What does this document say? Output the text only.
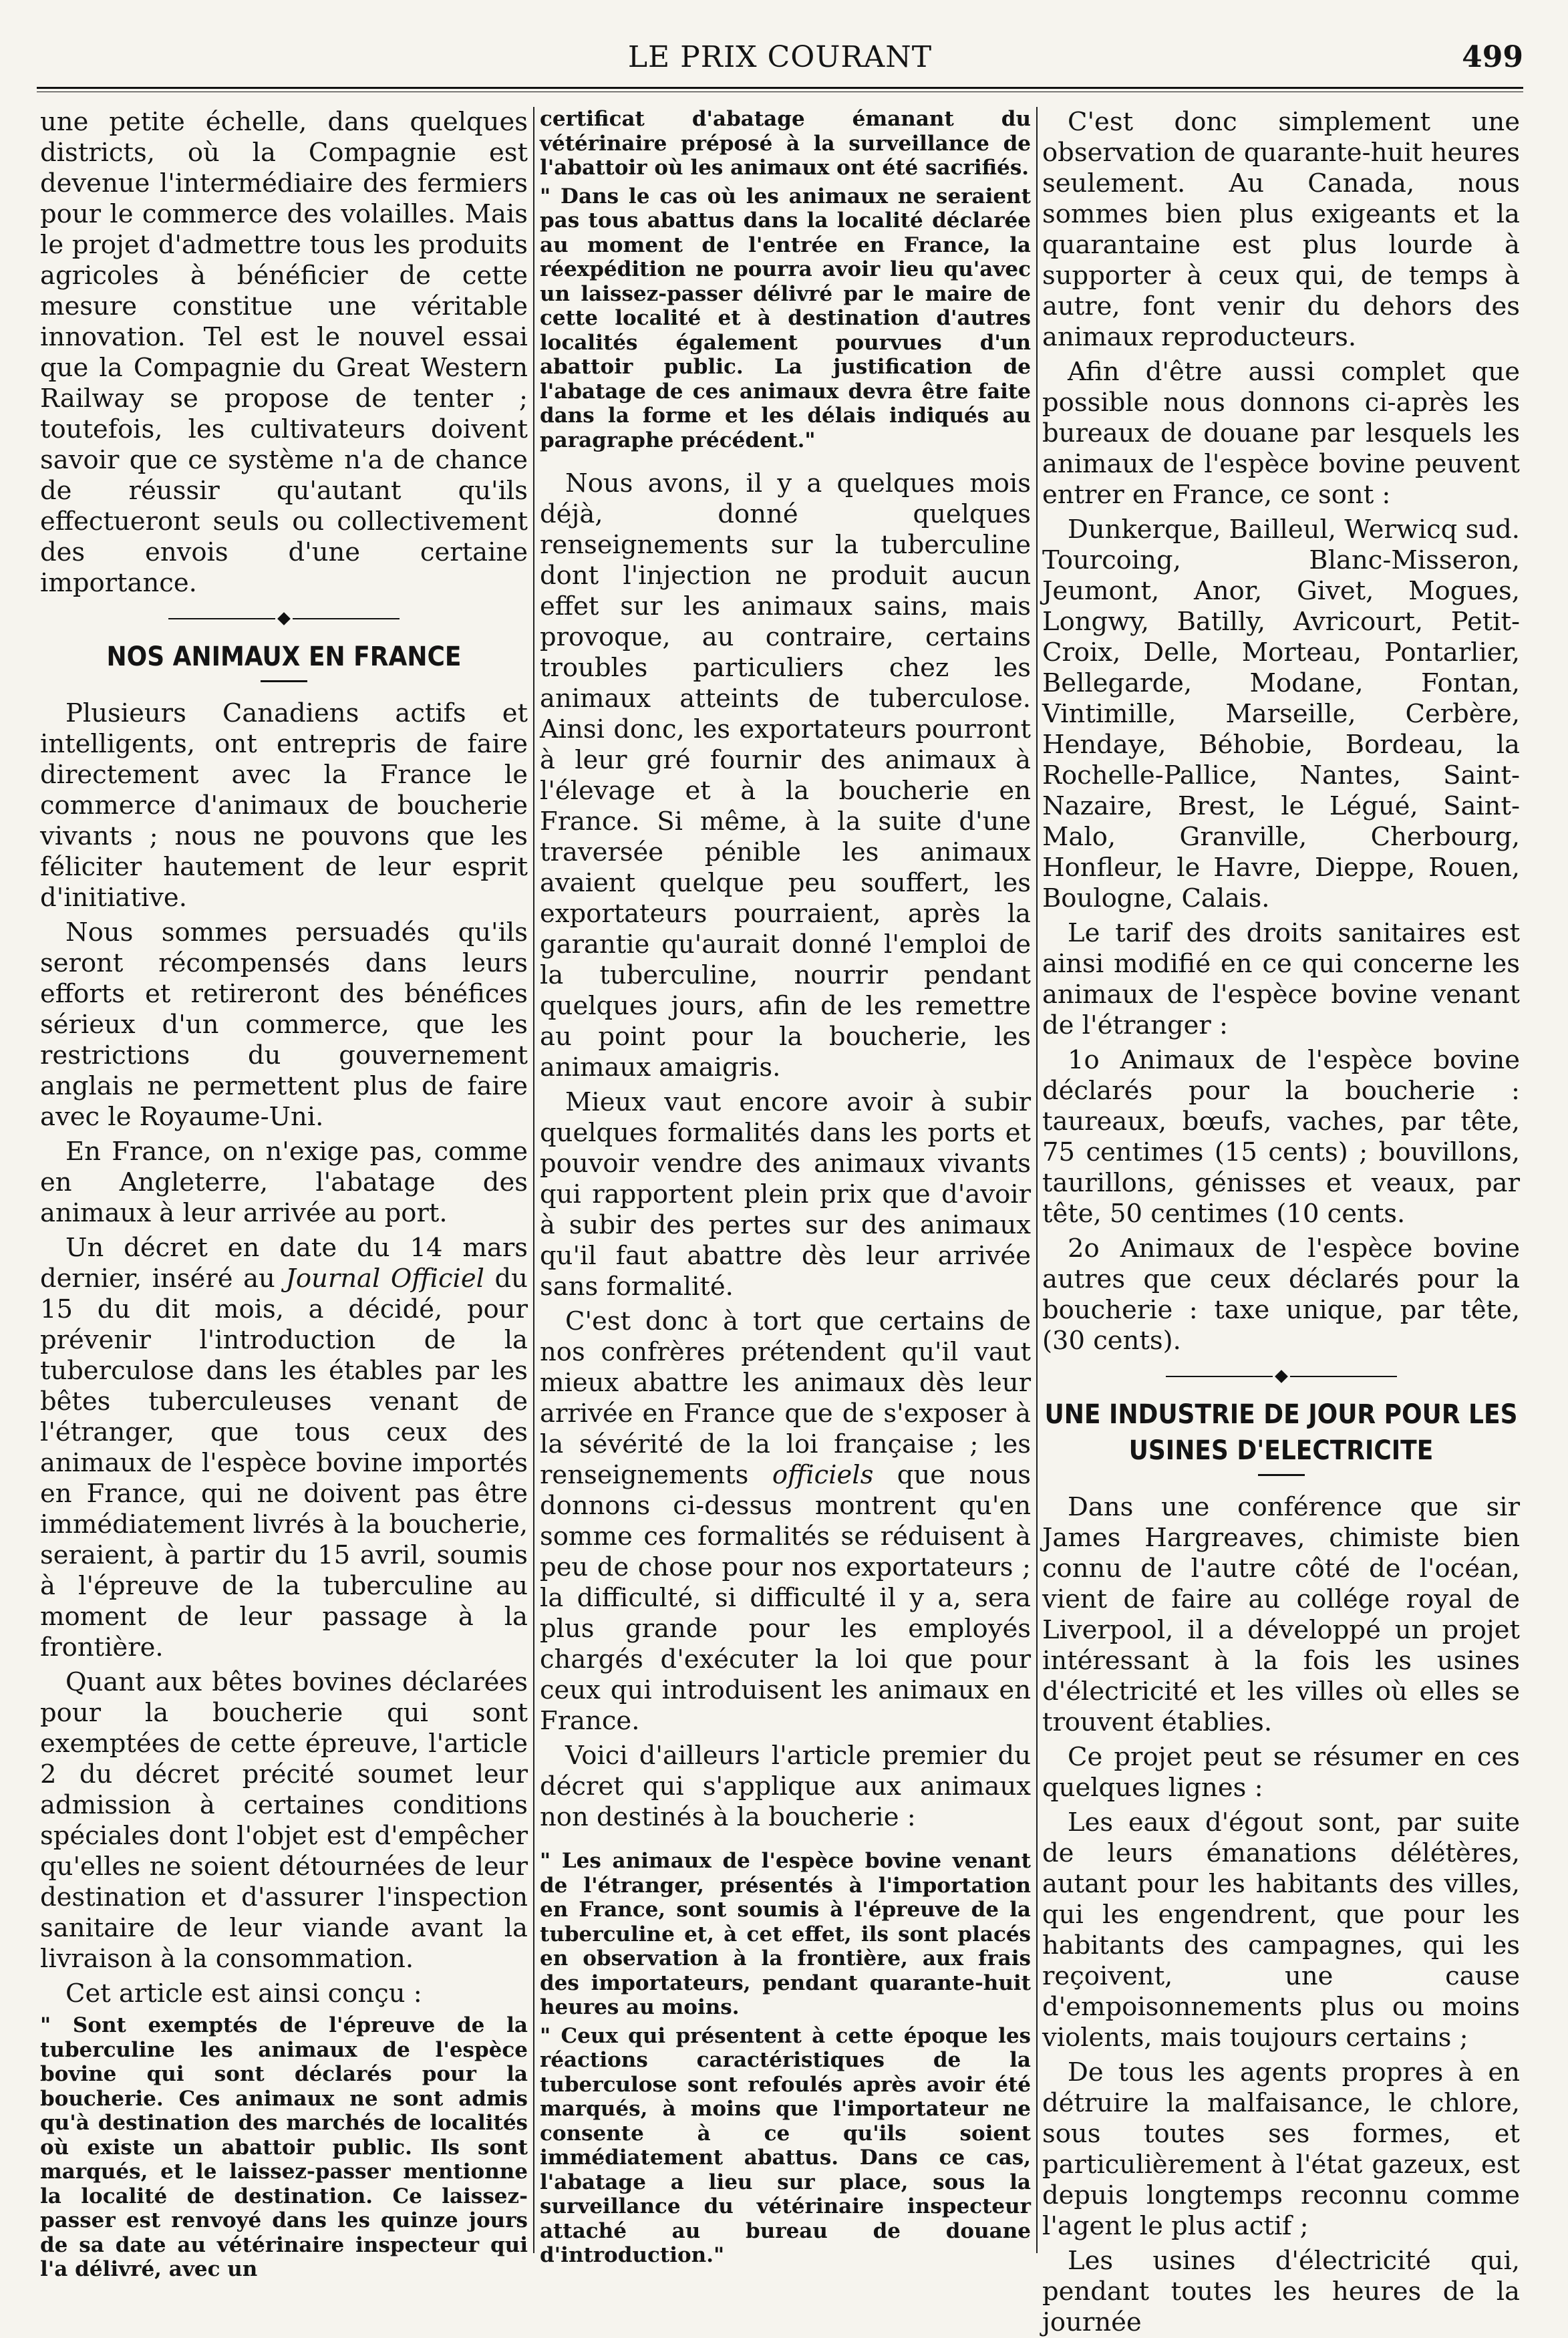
LE PRIX COURANT	499

une petite échelle, dans quelques districts, où la Compagnie est devenue l'intermédiaire des fermiers pour le commerce des volailles. Mais le projet d'admettre tous les produits agricoles à bénéficier de cette mesure constitue une véritable innovation. Tel est le nouvel essai que la Compagnie du Great Western Railway se propose de tenter ; toutefois, les cultivateurs doivent savoir que ce système n'a de chance de réussir qu'autant qu'ils effectueront seuls ou collectivement des envois d'une certaine importance.

NOS ANIMAUX EN FRANCE

Plusieurs Canadiens actifs et intelligents, ont entrepris de faire directement avec la France le commerce d'animaux de boucherie vivants ; nous ne pouvons que les féliciter hautement de leur esprit d'initiative.

Nous sommes persuadés qu'ils seront récompensés dans leurs efforts et retireront des bénéfices sérieux d'un commerce, que les restrictions du gouvernement anglais ne permettent plus de faire avec le Royaume-Uni.

En France, on n'exige pas, comme en Angleterre, l'abatage des animaux à leur arrivée au port.

Un décret en date du 14 mars dernier, inséré au Journal Officiel du 15 du dit mois, a décidé, pour prévenir l'introduction de la tuberculose dans les étables par les bêtes tuberculeuses venant de l'étranger, que tous ceux des animaux de l'espèce bovine importés en France, qui ne doivent pas être immédiatement livrés à la boucherie, seraient, à partir du 15 avril, soumis à l'épreuve de la tuberculine au moment de leur passage à la frontière.

Quant aux bêtes bovines déclarées pour la boucherie qui sont exemptées de cette épreuve, l'article 2 du décret précité soumet leur admission à certaines conditions spéciales dont l'objet est d'empêcher qu'elles ne soient détournées de leur destination et d'assurer l'inspection sanitaire de leur viande avant la livraison à la consommation.

Cet article est ainsi conçu :

" Sont exemptés de l'épreuve de la tuberculine les animaux de l'espèce bovine qui sont déclarés pour la boucherie. Ces animaux ne sont admis qu'à destination des marchés de localités où existe un abattoir public. Ils sont marqués, et le laissez-passer mentionne la localité de destination. Ce laissez-passer est renvoyé dans les quinze jours de sa date au vétérinaire inspecteur qui l'a délivré, avec un

certificat d'abatage émanant du vétérinaire préposé à la surveillance de l'abattoir où les animaux ont été sacrifiés.

" Dans le cas où les animaux ne seraient pas tous abattus dans la localité déclarée au moment de l'entrée en France, la réexpédition ne pourra avoir lieu qu'avec un laissez-passer délivré par le maire de cette localité et à destination d'autres localités également pourvues d'un abattoir public. La justification de l'abatage de ces animaux devra être faite dans la forme et les délais indiqués au paragraphe précédent."

Nous avons, il y a quelques mois déjà, donné quelques renseignements sur la tuberculine dont l'injection ne produit aucun effet sur les animaux sains, mais provoque, au contraire, certains troubles particuliers chez les animaux atteints de tuberculose. Ainsi donc, les exportateurs pourront à leur gré fournir des animaux à l'élevage et à la boucherie en France. Si même, à la suite d'une traversée pénible les animaux avaient quelque peu souffert, les exportateurs pourraient, après la garantie qu'aurait donné l'emploi de la tuberculine, nourrir pendant quelques jours, afin de les remettre au point pour la boucherie, les animaux amaigris.

Mieux vaut encore avoir à subir quelques formalités dans les ports et pouvoir vendre des animaux vivants qui rapportent plein prix que d'avoir à subir des pertes sur des animaux qu'il faut abattre dès leur arrivée sans formalité.

C'est donc à tort que certains de nos confrères prétendent qu'il vaut mieux abattre les animaux dès leur arrivée en France que de s'exposer à la sévérité de la loi française ; les renseignements officiels que nous donnons ci-dessus montrent qu'en somme ces formalités se réduisent à peu de chose pour nos exportateurs ; la difficulté, si difficulté il y a, sera plus grande pour les employés chargés d'exécuter la loi que pour ceux qui introduisent les animaux en France.

Voici d'ailleurs l'article premier du décret qui s'applique aux animaux non destinés à la boucherie :

" Les animaux de l'espèce bovine venant de l'étranger, présentés à l'importation en France, sont soumis à l'épreuve de la tuberculine et, à cet effet, ils sont placés en observation à la frontière, aux frais des importateurs, pendant quarante-huit heures au moins.

" Ceux qui présentent à cette époque les réactions caractéristiques de la tuberculose sont refoulés après avoir été marqués, à moins que l'importateur ne consente à ce qu'ils soient immédiatement abattus. Dans ce cas, l'abatage a lieu sur place, sous la surveillance du vétérinaire inspecteur attaché au bureau de douane d'introduction."

C'est donc simplement une observation de quarante-huit heures seulement. Au Canada, nous sommes bien plus exigeants et la quarantaine est plus lourde à supporter à ceux qui, de temps à autre, font venir du dehors des animaux reproducteurs.

Afin d'être aussi complet que possible nous donnons ci-après les bureaux de douane par lesquels les animaux de l'espèce bovine peuvent entrer en France, ce sont :

Dunkerque, Bailleul, Werwicq sud. Tourcoing, Blanc-Misseron, Jeumont, Anor, Givet, Mogues, Longwy, Batilly, Avricourt, Petit-Croix, Delle, Morteau, Pontarlier, Bellegarde, Modane, Fontan, Vintimille, Marseille, Cerbère, Hendaye, Béhobie, Bordeau, la Rochelle-Pallice, Nantes, Saint-Nazaire, Brest, le Légué, Saint-Malo, Granville, Cherbourg, Honfleur, le Havre, Dieppe, Rouen, Boulogne, Calais.

Le tarif des droits sanitaires est ainsi modifié en ce qui concerne les animaux de l'espèce bovine venant de l'étranger :

1o Animaux de l'espèce bovine déclarés pour la boucherie : taureaux, bœufs, vaches, par tête, 75 centimes (15 cents) ; bouvillons, taurillons, génisses et veaux, par tête, 50 centimes (10 cents.

2o Animaux de l'espèce bovine autres que ceux déclarés pour la boucherie : taxe unique, par tête, (30 cents).

UNE INDUSTRIE DE JOUR POUR LES USINES D'ELECTRICITE

Dans une conférence que sir James Hargreaves, chimiste bien connu de l'autre côté de l'océan, vient de faire au collége royal de Liverpool, il a développé un projet intéressant à la fois les usines d'électricité et les villes où elles se trouvent établies.

Ce projet peut se résumer en ces quelques lignes :

Les eaux d'égout sont, par suite de leurs émanations délétères, autant pour les habitants des villes, qui les engendrent, que pour les habitants des campagnes, qui les reçoivent, une cause d'empoisonnements plus ou moins violents, mais toujours certains ;

De tous les agents propres à en détruire la malfaisance, le chlore, sous toutes ses formes, et particulièrement à l'état gazeux, est depuis longtemps reconnu comme l'agent le plus actif ;

Les usines d'électricité qui, pendant toutes les heures de la journée
